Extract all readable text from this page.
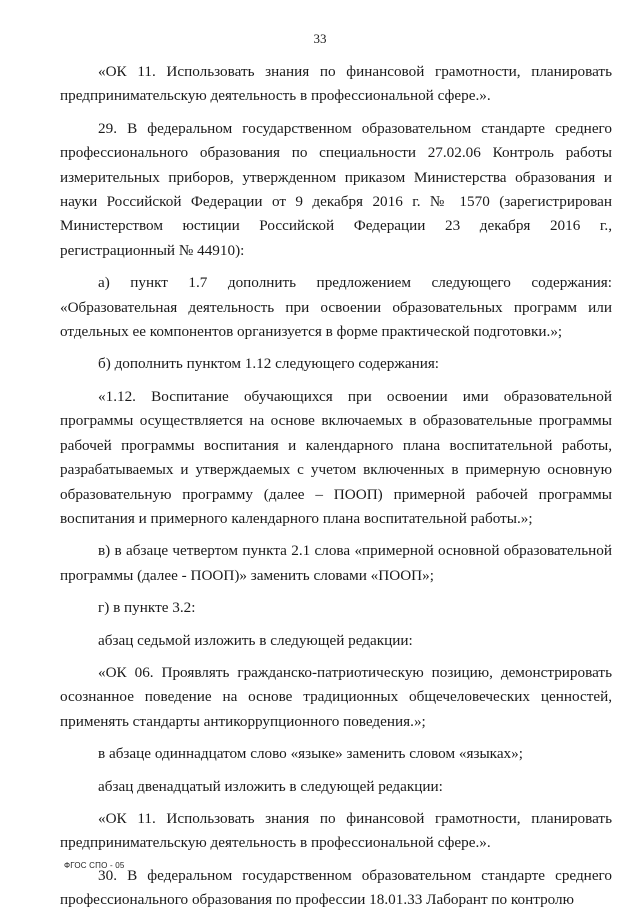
33

«ОК 11. Использовать знания по финансовой грамотности, планировать предпринимательскую деятельность в профессиональной сфере.».

29. В федеральном государственном образовательном стандарте среднего профессионального образования по специальности 27.02.06 Контроль работы измерительных приборов, утвержденном приказом Министерства образования и науки Российской Федерации от 9 декабря 2016 г. № 1570 (зарегистрирован Министерством юстиции Российской Федерации 23 декабря 2016 г., регистрационный № 44910):

а) пункт 1.7 дополнить предложением следующего содержания: «Образовательная деятельность при освоении образовательных программ или отдельных ее компонентов организуется в форме практической подготовки.»;

б) дополнить пунктом 1.12 следующего содержания:

«1.12. Воспитание обучающихся при освоении ими образовательной программы осуществляется на основе включаемых в образовательные программы рабочей программы воспитания и календарного плана воспитательной работы, разрабатываемых и утверждаемых с учетом включенных в примерную основную образовательную программу (далее – ПООП) примерной рабочей программы воспитания и примерного календарного плана воспитательной работы.»;

в) в абзаце четвертом пункта 2.1 слова «примерной основной образовательной программы (далее - ПООП)» заменить словами «ПООП»;

г) в пункте 3.2:

абзац седьмой изложить в следующей редакции:

«ОК 06. Проявлять гражданско-патриотическую позицию, демонстрировать осознанное поведение на основе традиционных общечеловеческих ценностей, применять стандарты антикоррупционного поведения.»;

в абзаце одиннадцатом слово «языке» заменить словом «языках»;

абзац двенадцатый изложить в следующей редакции:

«ОК 11. Использовать знания по финансовой грамотности, планировать предпринимательскую деятельность в профессиональной сфере.».

30. В федеральном государственном образовательном стандарте среднего профессионального образования по профессии 18.01.33 Лаборант по контролю

ФГОС СПО - 05
